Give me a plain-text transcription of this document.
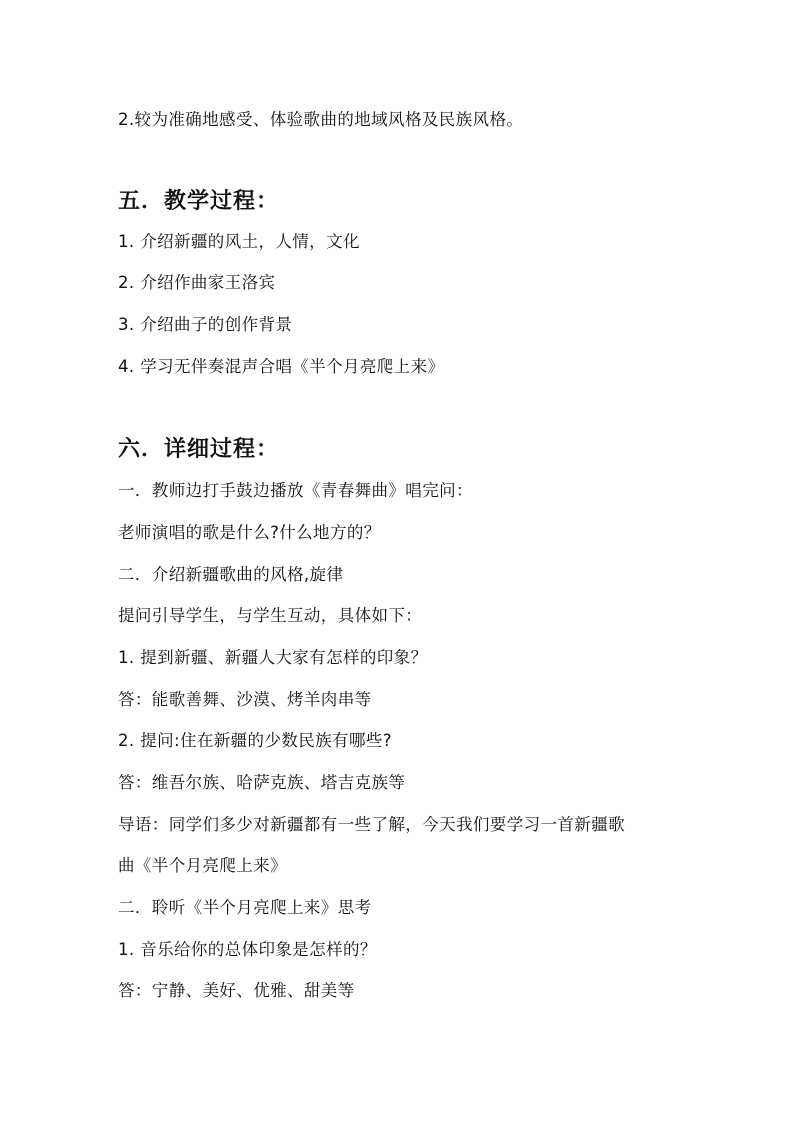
2.较为准确地感受、体验歌曲的地域风格及民族风格。
五．教学过程：
1. 介绍新疆的风土，人情，文化
2. 介绍作曲家王洛宾
3. 介绍曲子的创作背景
4. 学习无伴奏混声合唱《半个月亮爬上来》
六．详细过程：
一．教师边打手鼓边播放《青春舞曲》唱完问：
老师演唱的歌是什么?什么地方的？
二．介绍新疆歌曲的风格,旋律
提问引导学生，与学生互动，具体如下：
1. 提到新疆、新疆人大家有怎样的印象？
答：能歌善舞、沙漠、烤羊肉串等
2. 提问:住在新疆的少数民族有哪些?
答：维吾尔族、哈萨克族、塔吉克族等
导语：同学们多少对新疆都有一些了解，今天我们要学习一首新疆歌
曲《半个月亮爬上来》
二．聆听《半个月亮爬上来》思考
1. 音乐给你的总体印象是怎样的？
答：宁静、美好、优雅、甜美等
